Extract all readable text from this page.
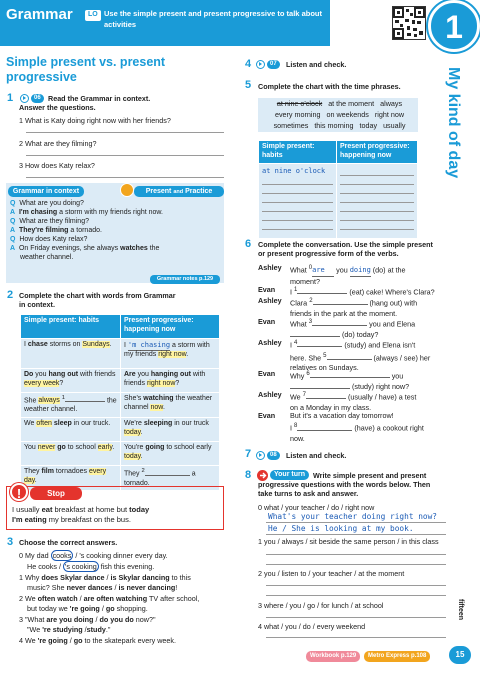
Grammar	LO Use the simple present and present progressive to talk about activities	1
My kind of day
Simple present vs. present progressive
1	06	Read the Grammar in context.
Answer the questions.
1 What is Katy doing right now with her friends?
2 What are they filming?
3 How does Katy relax?
Grammar in context	Present and Practice
Q What are you doing?
A I'm chasing a storm with my friends right now.
Q What are they filming?
A They're filming a tornado.
Q How does Katy relax?
A On Friday evenings, she always watches the
weather channel.
Grammar notes p.129
2 Complete the chart with words from Grammar
in context.
Simple present: habits	Present progressive: happening now
I chase storms on Sundays.	I 'm chasing a storm with my friends right now.
Do you hang out with friends every week?	Are you hanging out with friends right now?
She always $^1$ the weather channel.	She's watching the weather channel now.
We often sleep in our truck.	We're sleeping in our truck today.
You never go to school early.	You're going to school early today.
They film tornadoes every day.	They $^2$ a tornado.
!	Stop
I usually eat breakfast at home but today
I'm eating my breakfast on the bus.
3 Choose the correct answers.
0 My dad cooks / 's cooking dinner every day.
He cooks / 's cooking fish this evening.
1 Why does Skylar dance / is Skylar dancing to this
music? She never dances / is never dancing!
2 We often watch / are often watching TV after school,
but today we 're going / go shopping.
3 "What are you doing / do you do now?"
"We 're studying /study."
4 We 're going / go to the skatepark every week.
4	07	Listen and check.
5 Complete the chart with the time phrases.
at nine o'clock at the moment always
every morning on weekends right now
sometimes this morning today usually
Simple present: habits	Present progressive: happening now

at nine o'clock	

6 Complete the conversation. Use the simple present
or present progressive form of the verbs.
Ashley What $^0$are you doing (do) at the
moment?
Evan I $^1$	(eat) cake! Where's Clara?
Ashley Clara $^2$	(hang out) with
friends in the park at the moment.
Evan What $^3$	you and Elena
(do) today?
Ashley I $^4$	(study) and Elena isn't
here. She $^5$	(always / see) her
relatives on Sundays.
Evan Why $^6$	you
(study) right now?
Ashley We $^7$	(usually / have) a test
on a Monday in my class.
Evan But it's a vacation day tomorrow!
I $^8$	(have) a cookout right
now.
7	08	Listen and check.
8	Your turn	Write simple present and present
progressive questions with the words below. Then
take turns to ask and answer.
0 what / your teacher / do / right now
What's your teacher doing right now?
He / She is looking at my book.
1 you / always / sit beside the same person / in this class
2 you / listen to / your teacher / at the moment
3 where / you / go / for lunch / at school
4 what / you / do / every weekend
fifteen
Workbook p.129	Metro Express p.108	15
